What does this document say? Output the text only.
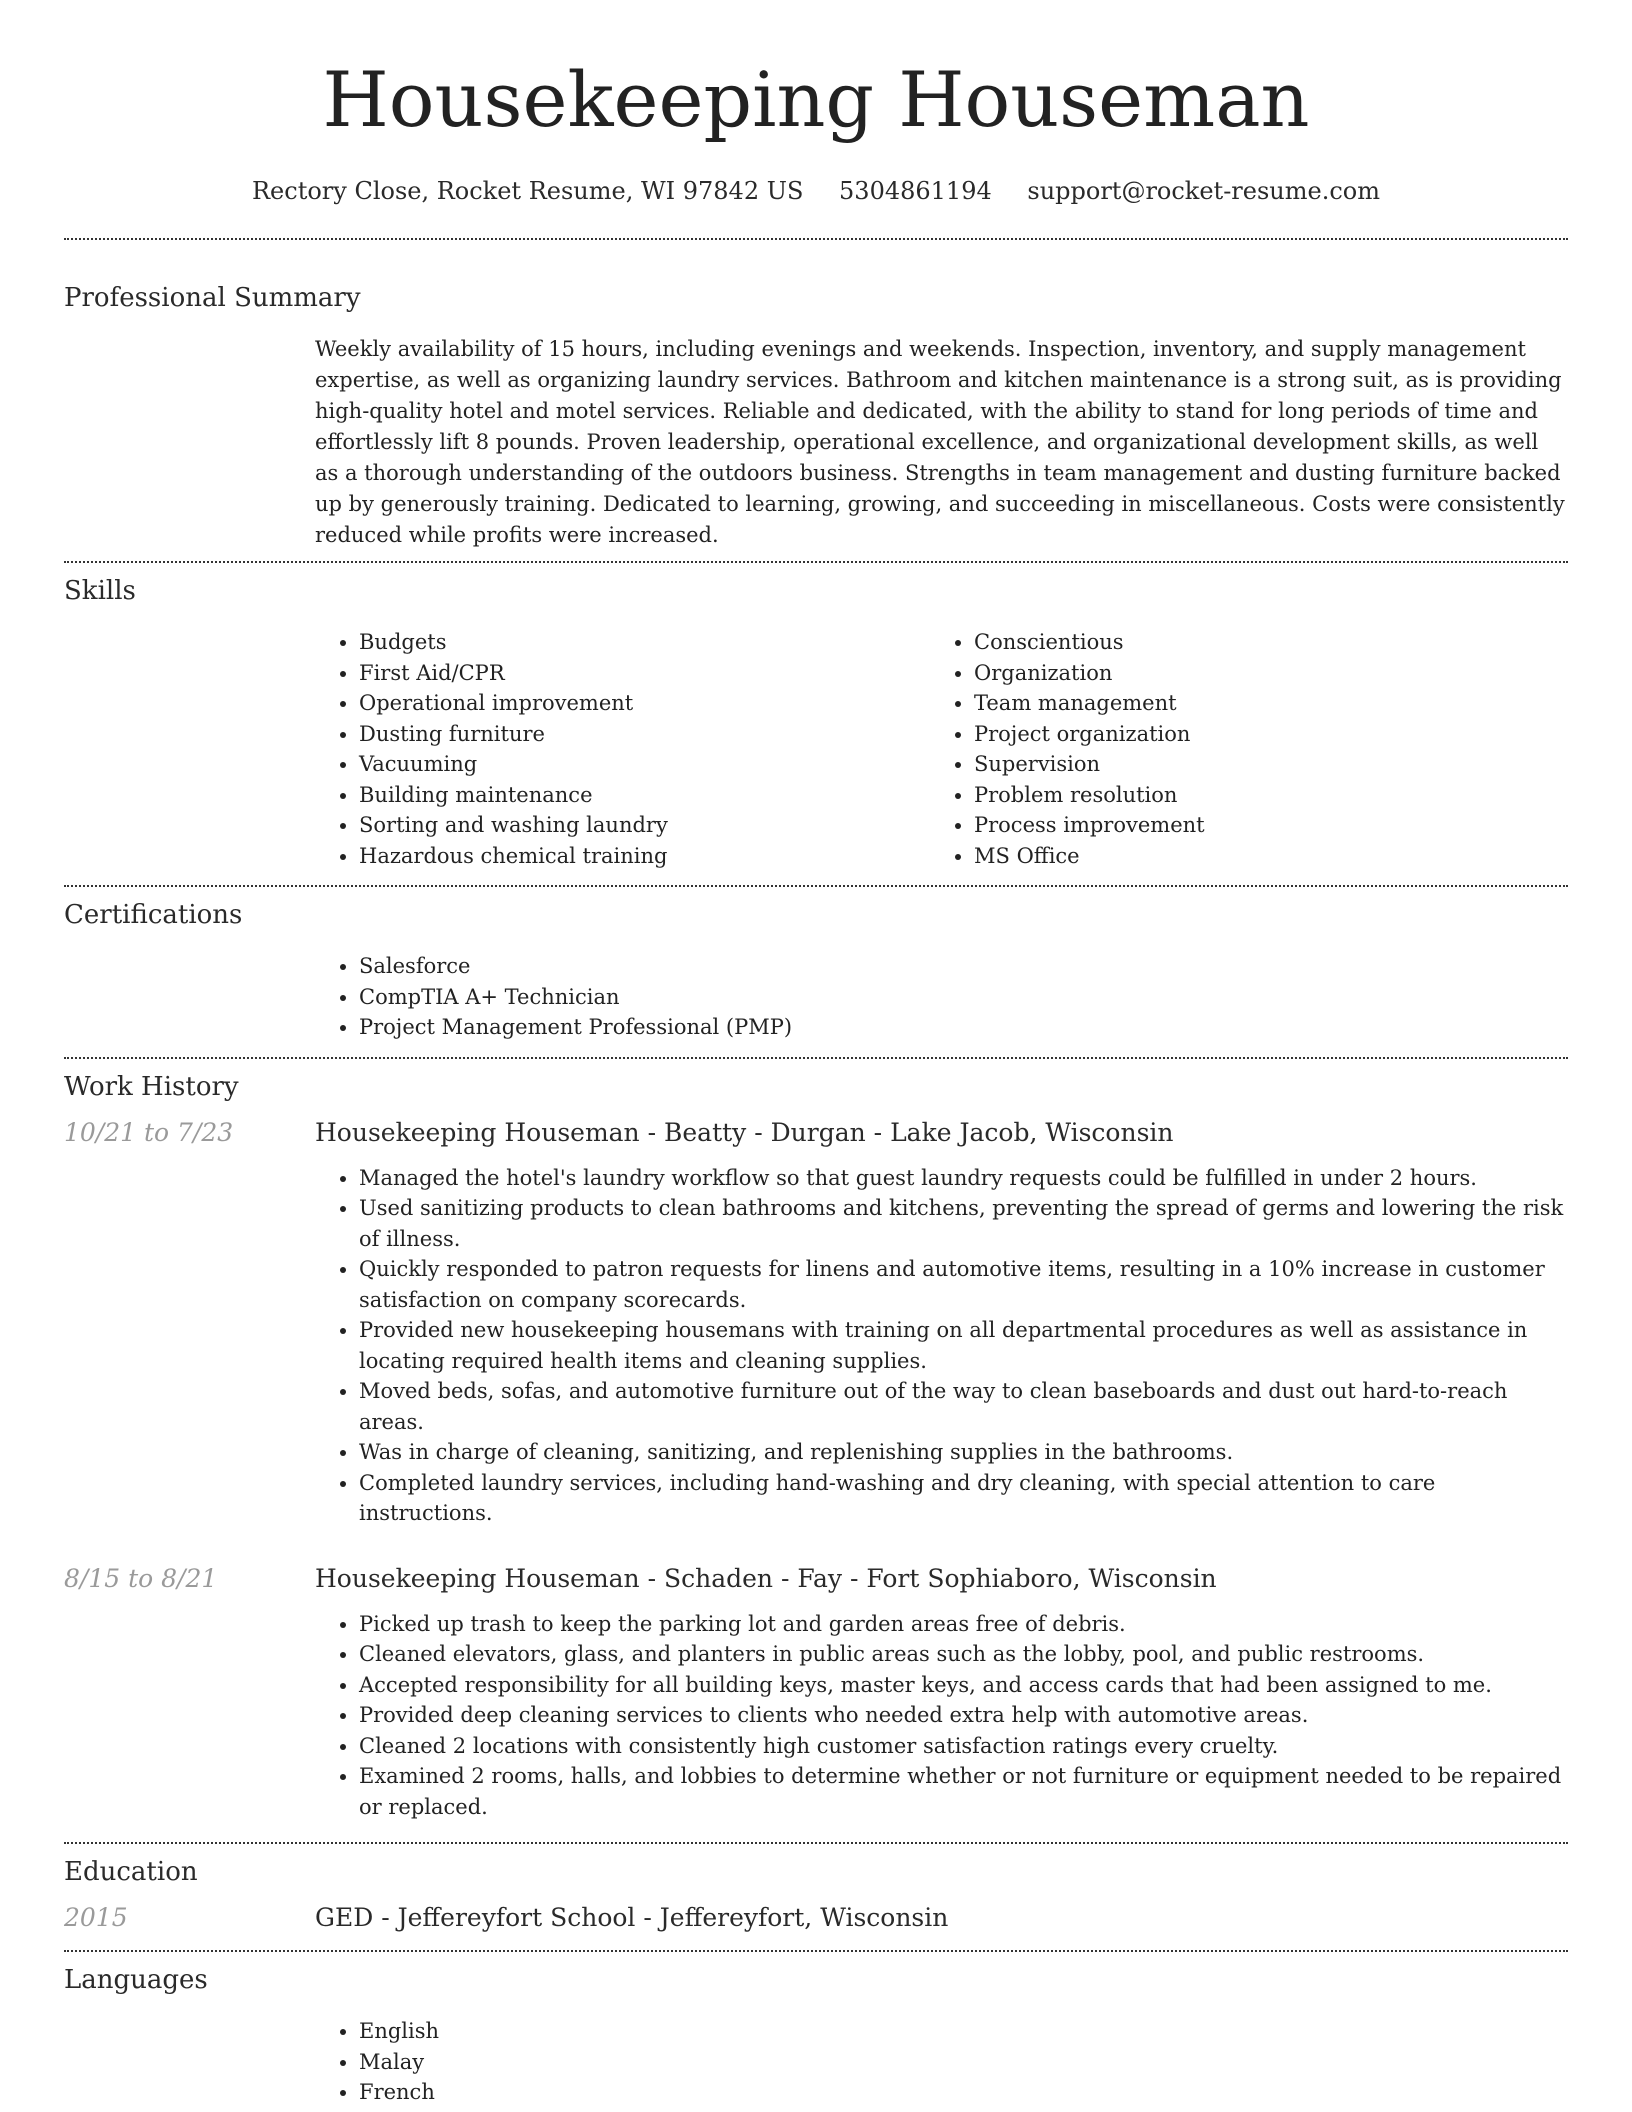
Housekeeping Houseman
Rectory Close, Rocket Resume, WI 97842 US 5304861194 support@rocket-resume.com
Professional Summary

Weekly availability of 15 hours, including evenings and weekends. Inspection, inventory, and supply management expertise, as well as organizing laundry services. Bathroom and kitchen maintenance is a strong suit, as is providing high-quality hotel and motel services. Reliable and dedicated, with the ability to stand for long periods of time and effortlessly lift 8 pounds. Proven leadership, operational excellence, and organizational development skills, as well as a thorough understanding of the outdoors business. Strengths in team management and dusting furniture backed up by generously training. Dedicated to learning, growing, and succeeding in miscellaneous. Costs were consistently reduced while profits were increased.

Skills
• Budgets
• First Aid/CPR
• Operational improvement
• Dusting furniture
• Vacuuming
• Building maintenance
• Sorting and washing laundry
• Hazardous chemical training
• Conscientious
• Organization
• Team management
• Project organization
• Supervision
• Problem resolution
• Process improvement
• MS Office
Certifications
• Salesforce
• CompTIA A+ Technician
• Project Management Professional (PMP)
Work History
10/21 to 7/23	Housekeeping Houseman - Beatty - Durgan - Lake Jacob, Wisconsin
• Managed the hotel's laundry workflow so that guest laundry requests could be fulfilled in under 2 hours.
• Used sanitizing products to clean bathrooms and kitchens, preventing the spread of germs and lowering the risk of illness.
• Quickly responded to patron requests for linens and automotive items, resulting in a 10% increase in customer satisfaction on company scorecards.
• Provided new housekeeping housemans with training on all departmental procedures as well as assistance in locating required health items and cleaning supplies.
• Moved beds, sofas, and automotive furniture out of the way to clean baseboards and dust out hard-to-reach areas.
• Was in charge of cleaning, sanitizing, and replenishing supplies in the bathrooms.
• Completed laundry services, including hand-washing and dry cleaning, with special attention to care instructions.
8/15 to 8/21	Housekeeping Houseman - Schaden - Fay - Fort Sophiaboro, Wisconsin
• Picked up trash to keep the parking lot and garden areas free of debris.
• Cleaned elevators, glass, and planters in public areas such as the lobby, pool, and public restrooms.
• Accepted responsibility for all building keys, master keys, and access cards that had been assigned to me.
• Provided deep cleaning services to clients who needed extra help with automotive areas.
• Cleaned 2 locations with consistently high customer satisfaction ratings every cruelty.
• Examined 2 rooms, halls, and lobbies to determine whether or not furniture or equipment needed to be repaired or replaced.
Education
2015	GED - Jeffereyfort School - Jeffereyfort, Wisconsin
Languages
• English
• Malay
• French
